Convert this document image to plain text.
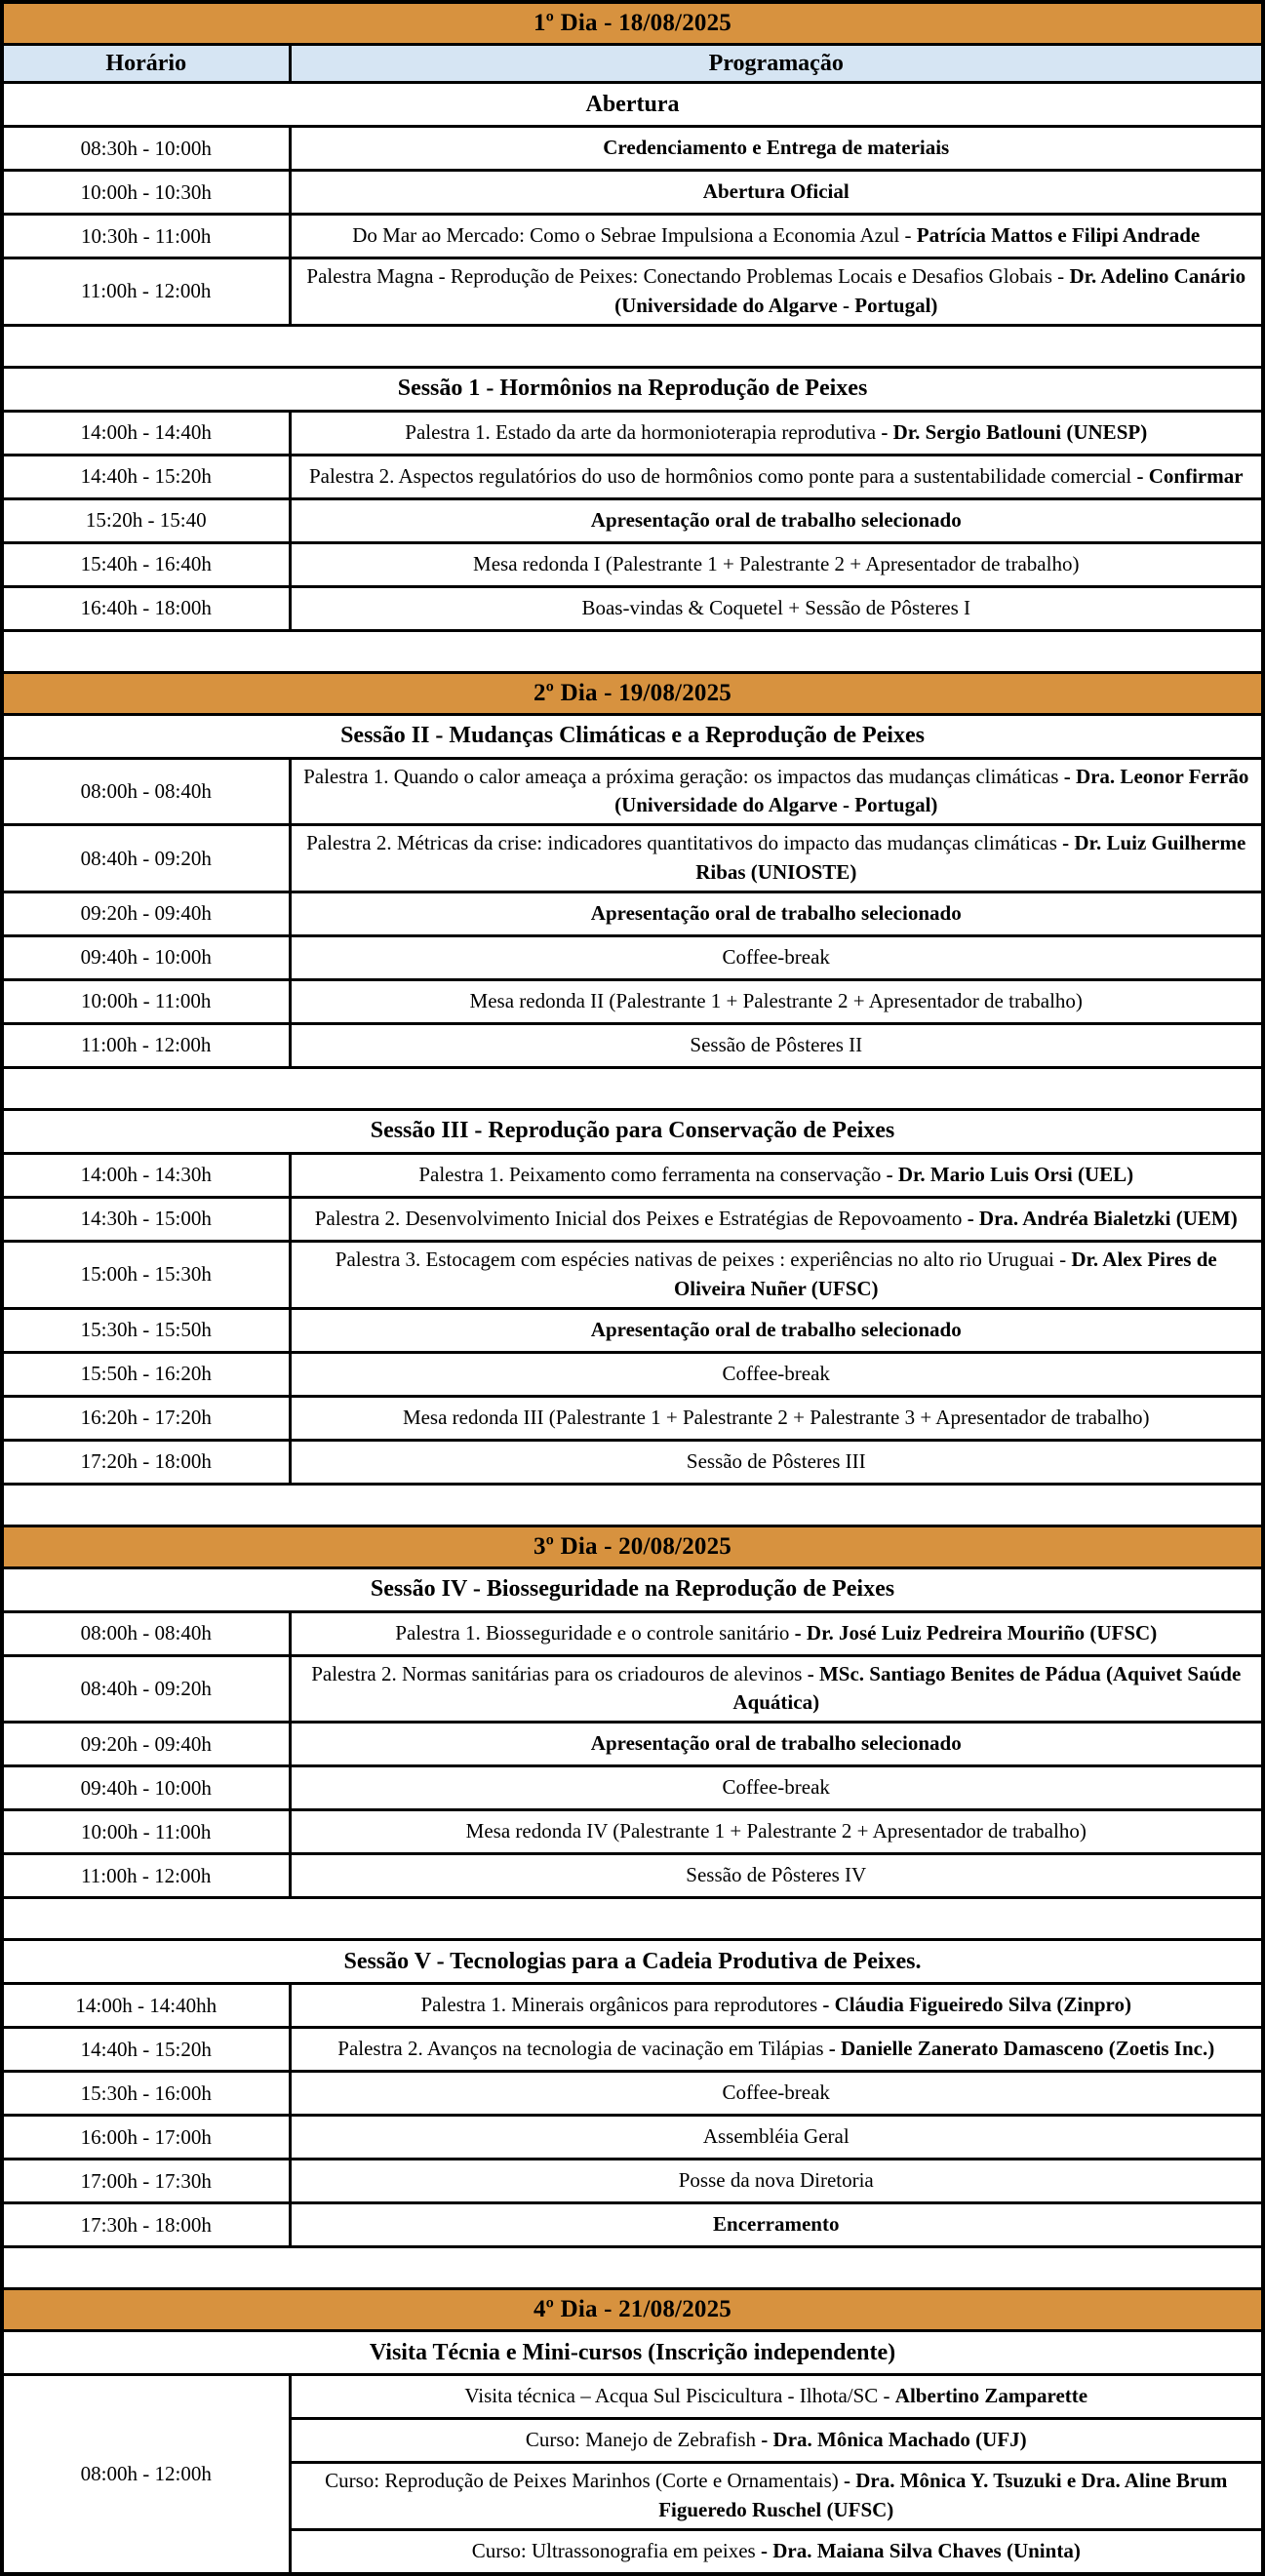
1º Dia - 18/08/2025	
Horário	Programação
Abertura	
08:30h - 10:00h	Credenciamento e Entrega de materiais
10:00h - 10:30h	Abertura Oficial
10:30h - 11:00h	Do Mar ao Mercado: Como o Sebrae Impulsiona a Economia Azul - Patrícia Mattos e Filipi Andrade
11:00h - 12:00h	Palestra Magna - Reprodução de Peixes: Conectando Problemas Locais e Desafios Globais - Dr. Adelino Canário (Universidade do Algarve - Portugal)

Sessão 1 - Hormônios na Reprodução de Peixes	
14:00h - 14:40h	Palestra 1. Estado da arte da hormonioterapia reprodutiva - Dr. Sergio Batlouni (UNESP)
14:40h - 15:20h	Palestra 2. Aspectos regulatórios do uso de hormônios como ponte para a sustentabilidade comercial - Confirmar
15:20h - 15:40	Apresentação oral de trabalho selecionado
15:40h - 16:40h	Mesa redonda I (Palestrante 1 + Palestrante 2 + Apresentador de trabalho)
16:40h - 18:00h	Boas-vindas & Coquetel + Sessão de Pôsteres I

2º Dia - 19/08/2025	
Sessão II - Mudanças Climáticas e a Reprodução de Peixes	
08:00h - 08:40h	Palestra 1. Quando o calor ameaça a próxima geração: os impactos das mudanças climáticas - Dra. Leonor Ferrão (Universidade do Algarve - Portugal)
08:40h - 09:20h	Palestra 2. Métricas da crise: indicadores quantitativos do impacto das mudanças climáticas - Dr. Luiz Guilherme Ribas (UNIOSTE)
09:20h - 09:40h	Apresentação oral de trabalho selecionado
09:40h - 10:00h	Coffee-break
10:00h - 11:00h	Mesa redonda II (Palestrante 1 + Palestrante 2 + Apresentador de trabalho)
11:00h - 12:00h	Sessão de Pôsteres II

Sessão III - Reprodução para Conservação de Peixes	
14:00h - 14:30h	Palestra 1. Peixamento como ferramenta na conservação - Dr. Mario Luis Orsi (UEL)
14:30h - 15:00h	Palestra 2. Desenvolvimento Inicial dos Peixes e Estratégias de Repovoamento - Dra. Andréa Bialetzki (UEM)
15:00h - 15:30h	Palestra 3. Estocagem com espécies nativas de peixes : experiências no alto rio Uruguai - Dr. Alex Pires de Oliveira Nuñer (UFSC)
15:30h - 15:50h	Apresentação oral de trabalho selecionado
15:50h - 16:20h	Coffee-break
16:20h - 17:20h	Mesa redonda III (Palestrante 1 + Palestrante 2 + Palestrante 3 + Apresentador de trabalho)
17:20h - 18:00h	Sessão de Pôsteres III

3º Dia - 20/08/2025	
Sessão IV - Biosseguridade na Reprodução de Peixes	
08:00h - 08:40h	Palestra 1. Biosseguridade e o controle sanitário - Dr. José Luiz Pedreira Mouriño (UFSC)
08:40h - 09:20h	Palestra 2. Normas sanitárias para os criadouros de alevinos - MSc. Santiago Benites de Pádua (Aquivet Saúde Aquática)
09:20h - 09:40h	Apresentação oral de trabalho selecionado
09:40h - 10:00h	Coffee-break
10:00h - 11:00h	Mesa redonda IV (Palestrante 1 + Palestrante 2 + Apresentador de trabalho)
11:00h - 12:00h	Sessão de Pôsteres IV

Sessão V - Tecnologias para a Cadeia Produtiva de Peixes.	
14:00h - 14:40hh	Palestra 1. Minerais orgânicos para reprodutores - Cláudia Figueiredo Silva (Zinpro)
14:40h - 15:20h	Palestra 2. Avanços na tecnologia de vacinação em Tilápias - Danielle Zanerato Damasceno (Zoetis Inc.)
15:30h - 16:00h	Coffee-break
16:00h - 17:00h	Assembléia Geral
17:00h - 17:30h	Posse da nova Diretoria
17:30h - 18:00h	Encerramento

4º Dia - 21/08/2025	
Visita Técnia e Mini-cursos (Inscrição independente)	
08:00h - 12:00h	Visita técnica – Acqua Sul Piscicultura - Ilhota/SC - Albertino Zamparette
	Curso: Manejo de Zebrafish - Dra. Mônica Machado (UFJ)
	Curso: Reprodução de Peixes Marinhos (Corte e Ornamentais) - Dra. Mônica Y. Tsuzuki e Dra. Aline Brum Figueredo Ruschel (UFSC)
	Curso: Ultrassonografia em peixes - Dra. Maiana Silva Chaves (Uninta)
